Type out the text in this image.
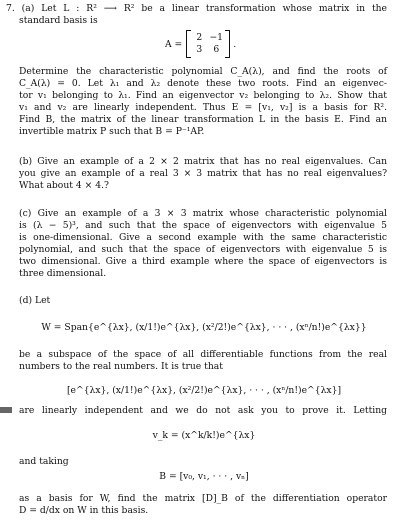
7. (a) Let L : R² ⟶ R² be a linear transformation whose matrix in the
standard basis is
A =
2 −1
3	6	.
Determine the characteristic polynomial C_A(λ), and find the roots of
C_A(λ) = 0. Let λ₁ and λ₂ denote these two roots. Find an eigenvec-
tor v₁ belonging to λ₁. Find an eigenvector v₂ belonging to λ₂. Show that
v₁ and v₂ are linearly independent. Thus E = [v₁, v₂] is a basis for R².
Find B, the matrix of the linear transformation L in the basis E. Find an
invertible matrix P such that B = P⁻¹AP.
(b) Give an example of a 2 × 2 matrix that has no real eigenvalues. Can
you give an example of a real 3 × 3 matrix that has no real eigenvalues?
What about 4 × 4.?
(c) Give an example of a 3 × 3 matrix whose characteristic polynomial
is (λ − 5)³, and such that the space of eigenvectors with eigenvalue 5
is one-dimensional. Give a second example with the same characteristic
polynomial, and such that the space of eigenvectors with eigenvalue 5 is
two dimensional. Give a third example where the space of eigenvectors is
three dimensional.
(d) Let
W = Span{e^{λx}, (x/1!)e^{λx}, (x²/2!)e^{λx}, · · · , (xⁿ/n!)e^{λx}}
be a subspace of the space of all differentiable functions from the real
numbers to the real numbers. It is true that
[e^{λx}, (x/1!)e^{λx}, (x²/2!)e^{λx}, · · · , (xⁿ/n!)e^{λx}]
are linearly independent and we do not ask you to prove it. Letting
v_k = (x^k/k!)e^{λx}
and taking
B = [v₀, v₁, · · · , vₙ]
as a basis for W, find the matrix [D]_B of the differentiation operator
D = d/dx on W in this basis.
